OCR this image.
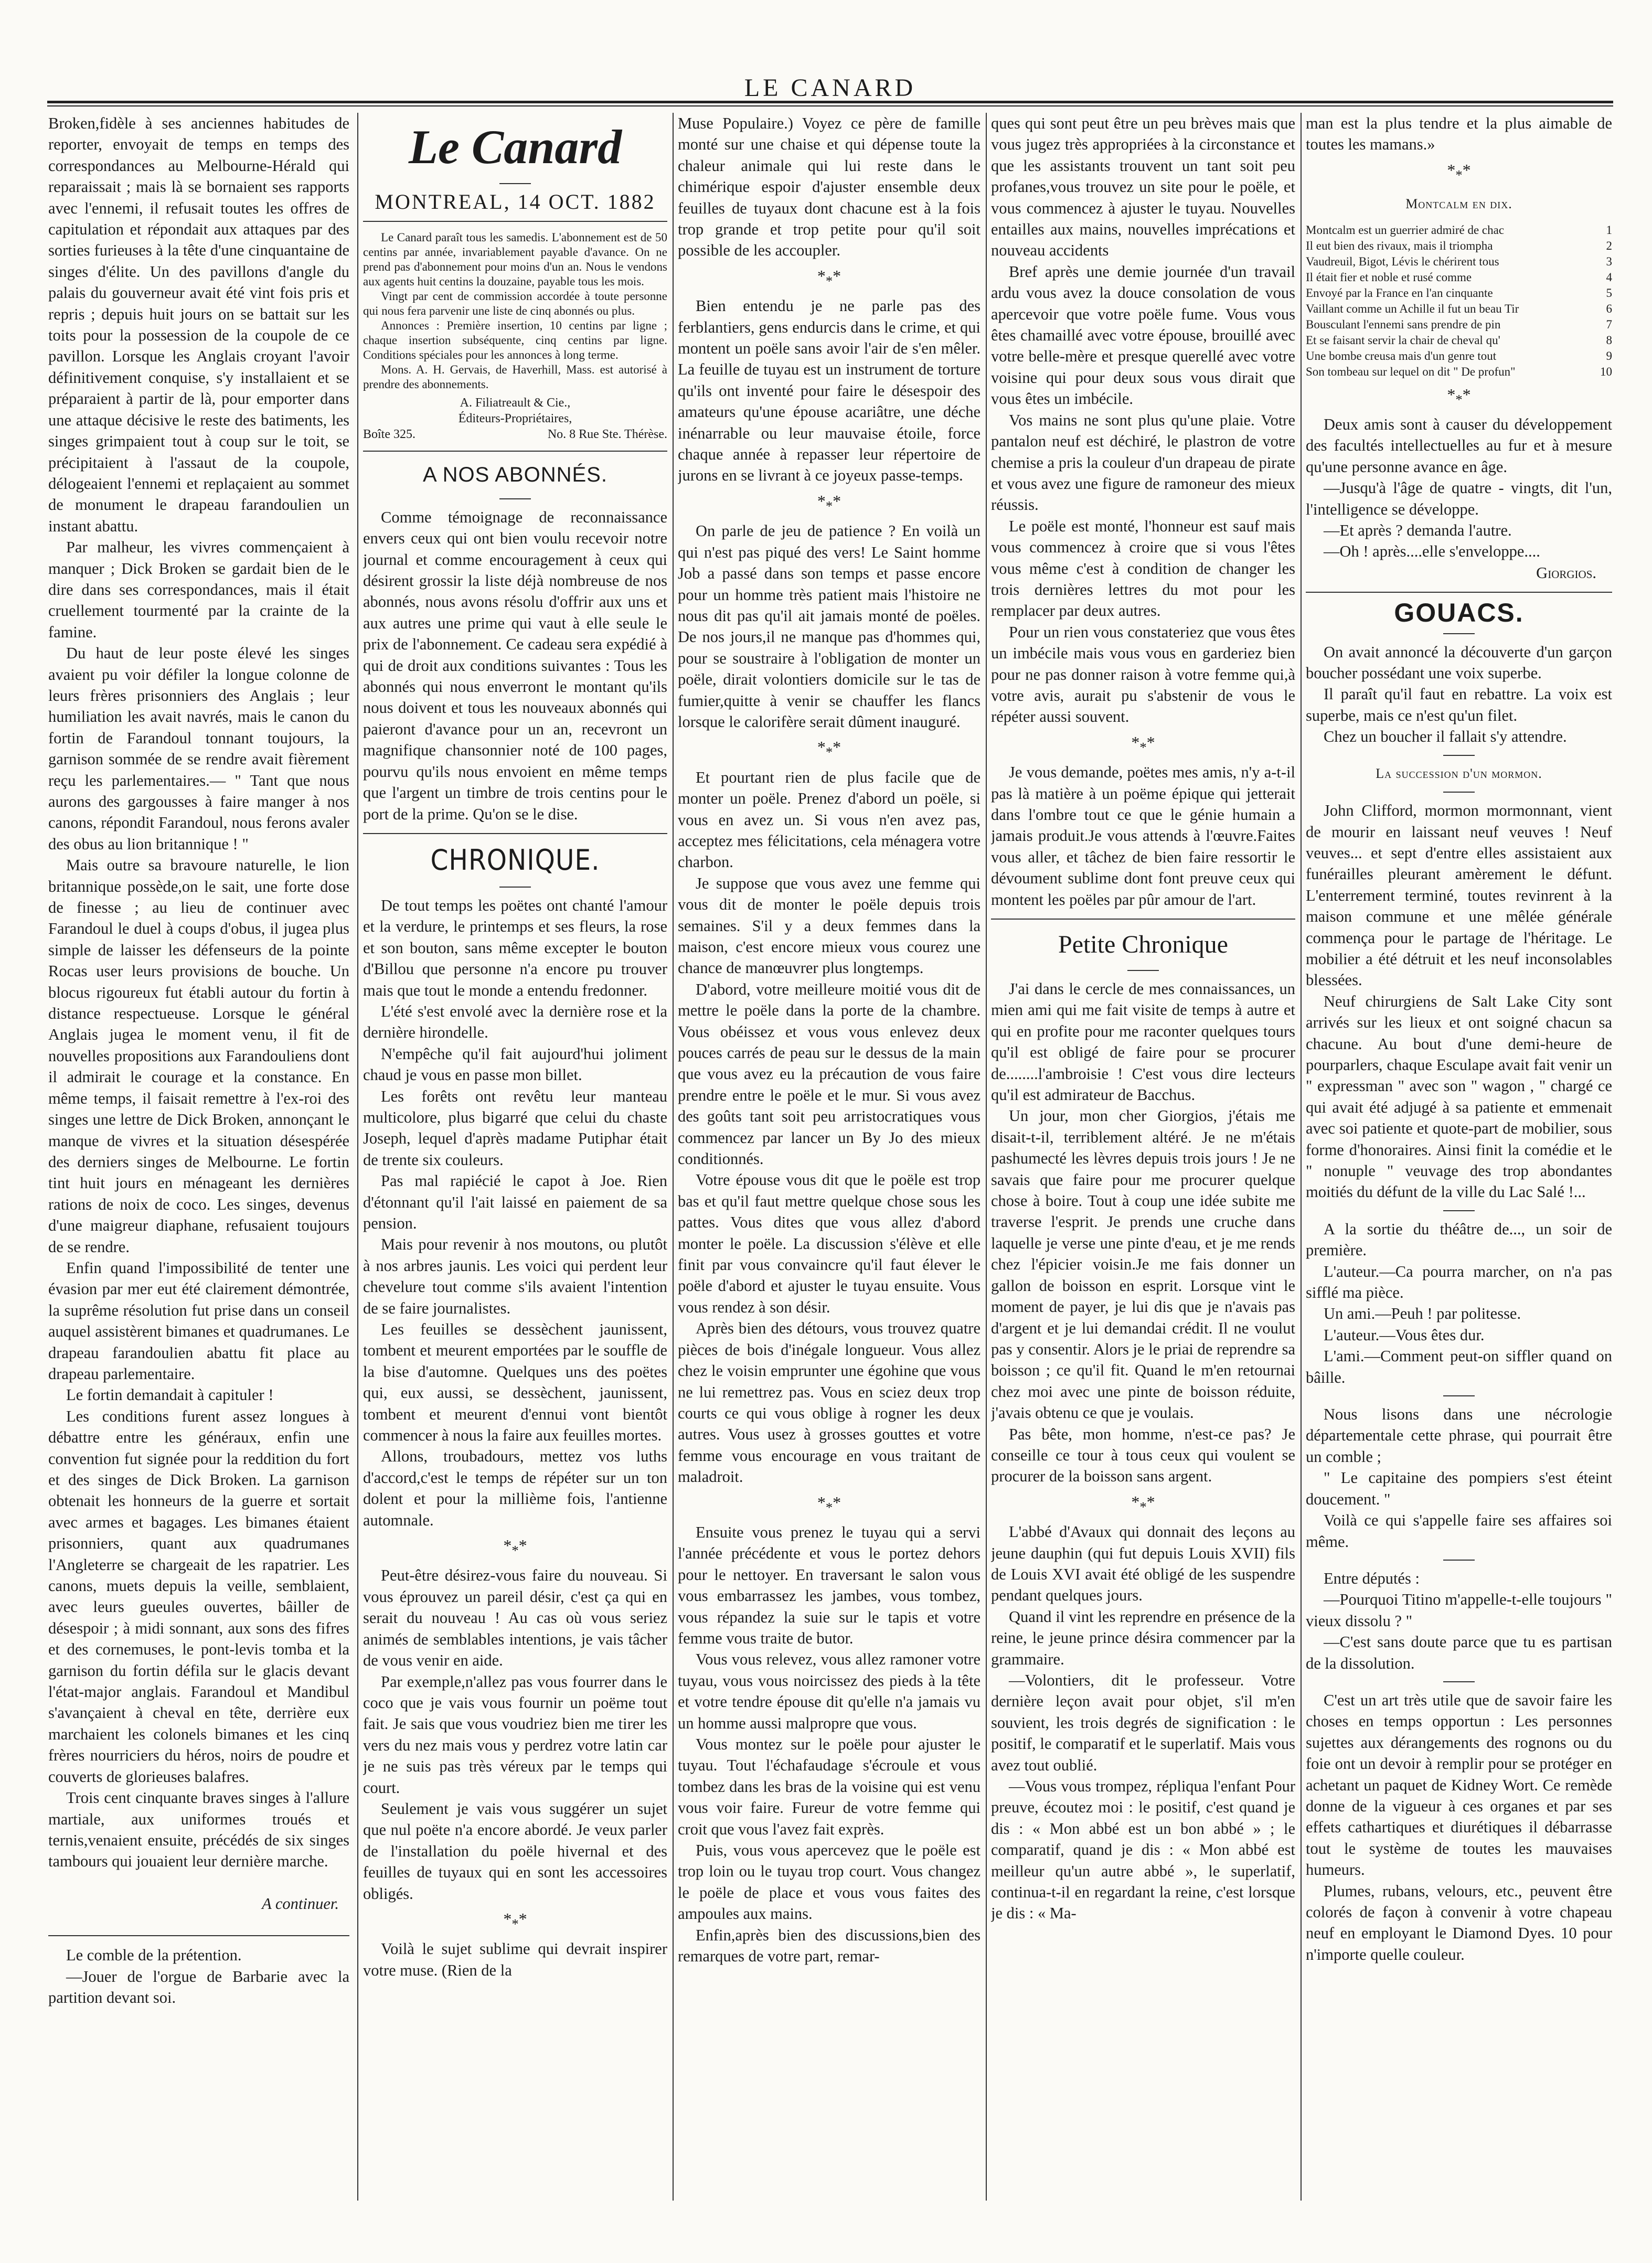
LE CANARD

Broken,fidèle à ses anciennes habitudes de reporter, envoyait de temps en temps des correspondances au Melbourne-Hérald qui reparaissait ; mais là se bornaient ses rapports avec l'ennemi, il refusait toutes les offres de capitulation et répondait aux attaques par des sorties furieuses à la tête d'une cinquantaine de singes d'élite. Un des pavillons d'angle du palais du gouverneur avait été vint fois pris et repris ; depuis huit jours on se battait sur les toits pour la possession de la coupole de ce pavillon. Lorsque les Anglais croyant l'avoir définitivement conquise, s'y installaient et se préparaient à partir de là, pour emporter dans une attaque décisive le reste des batiments, les singes grimpaient tout à coup sur le toit, se précipitaient à l'assaut de la coupole, délogeaient l'ennemi et replaçaient au sommet de monument le drapeau farandoulien un instant abattu.

Par malheur, les vivres commençaient à manquer ; Dick Broken se gardait bien de le dire dans ses correspondances, mais il était cruellement tourmenté par la crainte de la famine.

Du haut de leur poste élevé les singes avaient pu voir défiler la longue colonne de leurs frères prisonniers des Anglais ; leur humiliation les avait navrés, mais le canon du fortin de Farandoul tonnant toujours, la garnison sommée de se rendre avait fièrement reçu les parlementaires.— " Tant que nous aurons des gargousses à faire manger à nos canons, répondit Farandoul, nous ferons avaler des obus au lion britannique ! "

Mais outre sa bravoure naturelle, le lion britannique possède,on le sait, une forte dose de finesse ; au lieu de continuer avec Farandoul le duel à coups d'obus, il jugea plus simple de laisser les défenseurs de la pointe Rocas user leurs provisions de bouche. Un blocus rigoureux fut établi autour du fortin à distance respectueuse. Lorsque le général Anglais jugea le moment venu, il fit de nouvelles propositions aux Farandouliens dont il admirait le courage et la constance. En même temps, il faisait remettre à l'ex-roi des singes une lettre de Dick Broken, annonçant le manque de vivres et la situation désespérée des derniers singes de Melbourne. Le fortin tint huit jours en ménageant les dernières rations de noix de coco. Les singes, devenus d'une maigreur diaphane, refusaient toujours de se rendre.

Enfin quand l'impossibilité de tenter une évasion par mer eut été clairement démontrée, la suprême résolution fut prise dans un conseil auquel assistèrent bimanes et quadrumanes. Le drapeau farandoulien abattu fit place au drapeau parlementaire.

Le fortin demandait à capituler !

Les conditions furent assez longues à débattre entre les généraux, enfin une convention fut signée pour la reddition du fort et des singes de Dick Broken. La garnison obtenait les honneurs de la guerre et sortait avec armes et bagages. Les bimanes étaient prisonniers, quant aux quadrumanes l'Angleterre se chargeait de les rapatrier. Les canons, muets depuis la veille, semblaient, avec leurs gueules ouvertes, bâiller de désespoir ; à midi sonnant, aux sons des fifres et des cornemuses, le pont-levis tomba et la garnison du fortin défila sur le glacis devant l'état-major anglais. Farandoul et Mandibul s'avançaient à cheval en tête, derrière eux marchaient les colonels bimanes et les cinq frères nourriciers du héros, noirs de poudre et couverts de glorieuses balafres.

Trois cent cinquante braves singes à l'allure martiale, aux uniformes troués et ternis,venaient ensuite, précédés de six singes tambours qui jouaient leur dernière marche.

A continuer.

Le comble de la prétention.

—Jouer de l'orgue de Barbarie avec la partition devant soi.

Le Canard
MONTREAL, 14 OCT. 1882

Le Canard paraît tous les samedis. L'abonnement est de 50 centins par année, invariablement payable d'avance. On ne prend pas d'abonnement pour moins d'un an. Nous le vendons aux agents huit centins la douzaine, payable tous les mois.

Vingt par cent de commission accordée à toute personne qui nous fera parvenir une liste de cinq abonnés ou plus.

Annonces : Première insertion, 10 centins par ligne ; chaque insertion subséquente, cinq centins par ligne. Conditions spéciales pour les annonces à long terme.

Mons. A. H. Gervais, de Haverhill, Mass. est autorisé à prendre des abonnements.

A. Filiatreault & Cie.,
Éditeurs-Propriétaires,
Boîte 325.	No. 8 Rue Ste. Thérèse.
A NOS ABONNÉS.

Comme témoignage de reconnaissance envers ceux qui ont bien voulu recevoir notre journal et comme encouragement à ceux qui désirent grossir la liste déjà nombreuse de nos abonnés, nous avons résolu d'offrir aux uns et aux autres une prime qui vaut à elle seule le prix de l'abonnement. Ce cadeau sera expédié à qui de droit aux conditions suivantes : Tous les abonnés qui nous enverront le montant qu'ils nous doivent et tous les nouveaux abonnés qui paieront d'avance pour un an, recevront un magnifique chansonnier noté de 100 pages, pourvu qu'ils nous envoient en même temps que l'argent un timbre de trois centins pour le port de la prime. Qu'on se le dise.

CHRONIQUE.

De tout temps les poëtes ont chanté l'amour et la verdure, le printemps et ses fleurs, la rose et son bouton, sans même excepter le bouton d'Billou que personne n'a encore pu trouver mais que tout le monde a entendu fredonner.

L'été s'est envolé avec la dernière rose et la dernière hirondelle.

N'empêche qu'il fait aujourd'hui joliment chaud je vous en passe mon billet.

Les forêts ont revêtu leur manteau multicolore, plus bigarré que celui du chaste Joseph, lequel d'après madame Putiphar était de trente six couleurs.

Pas mal rapiécié le capot à Joe. Rien d'étonnant qu'il l'ait laissé en paiement de sa pension.

Mais pour revenir à nos moutons, ou plutôt à nos arbres jaunis. Les voici qui perdent leur chevelure tout comme s'ils avaient l'intention de se faire journalistes.

Les feuilles se dessèchent jaunissent, tombent et meurent emportées par le souffle de la bise d'automne. Quelques uns des poëtes qui, eux aussi, se dessèchent, jaunissent, tombent et meurent d'ennui vont bientôt commencer à nous la faire aux feuilles mortes.

Allons, troubadours, mettez vos luths d'accord,c'est le temps de répéter sur un ton dolent et pour la millième fois, l'antienne automnale.

$*_**$

Peut-être désirez-vous faire du nouveau. Si vous éprouvez un pareil désir, c'est ça qui en serait du nouveau ! Au cas où vous seriez animés de semblables intentions, je vais tâcher de vous venir en aide.

Par exemple,n'allez pas vous fourrer dans le coco que je vais vous fournir un poëme tout fait. Je sais que vous voudriez bien me tirer les vers du nez mais vous y perdrez votre latin car je ne suis pas très véreux par le temps qui court.

Seulement je vais vous suggérer un sujet que nul poëte n'a encore abordé. Je veux parler de l'installation du poële hivernal et des feuilles de tuyaux qui en sont les accessoires obligés.

$*_**$

Voilà le sujet sublime qui devrait inspirer votre muse. (Rien de la

Muse Populaire.) Voyez ce père de famille monté sur une chaise et qui dépense toute la chaleur animale qui lui reste dans le chimérique espoir d'ajuster ensemble deux feuilles de tuyaux dont chacune est à la fois trop grande et trop petite pour qu'il soit possible de les accoupler.

$*_**$

Bien entendu je ne parle pas des ferblantiers, gens endurcis dans le crime, et qui montent un poële sans avoir l'air de s'en mêler. La feuille de tuyau est un instrument de torture qu'ils ont inventé pour faire le désespoir des amateurs qu'une épouse acariâtre, une déche inénarrable ou leur mauvaise étoile, force chaque année à repasser leur répertoire de jurons en se livrant à ce joyeux passe-temps.

$*_**$

On parle de jeu de patience ? En voilà un qui n'est pas piqué des vers! Le Saint homme Job a passé dans son temps et passe encore pour un homme très patient mais l'histoire ne nous dit pas qu'il ait jamais monté de poëles. De nos jours,il ne manque pas d'hommes qui, pour se soustraire à l'obligation de monter un poële, dirait volontiers domicile sur le tas de fumier,quitte à venir se chauffer les flancs lorsque le calorifère serait dûment inauguré.

$*_**$

Et pourtant rien de plus facile que de monter un poële. Prenez d'abord un poële, si vous en avez un. Si vous n'en avez pas, acceptez mes félicitations, cela ménagera votre charbon.

Je suppose que vous avez une femme qui vous dit de monter le poële depuis trois semaines. S'il y a deux femmes dans la maison, c'est encore mieux vous courez une chance de manœuvrer plus longtemps.

D'abord, votre meilleure moitié vous dit de mettre le poële dans la porte de la chambre. Vous obéissez et vous vous enlevez deux pouces carrés de peau sur le dessus de la main que vous avez eu la précaution de vous faire prendre entre le poële et le mur. Si vous avez des goûts tant soit peu arristocratiques vous commencez par lancer un By Jo des mieux conditionnés.

Votre épouse vous dit que le poële est trop bas et qu'il faut mettre quelque chose sous les pattes. Vous dites que vous allez d'abord monter le poële. La discussion s'élève et elle finit par vous convaincre qu'il faut élever le poële d'abord et ajuster le tuyau ensuite. Vous vous rendez à son désir.

Après bien des détours, vous trouvez quatre pièces de bois d'inégale longueur. Vous allez chez le voisin emprunter une égohine que vous ne lui remettrez pas. Vous en sciez deux trop courts ce qui vous oblige à rogner les deux autres. Vous usez à grosses gouttes et votre femme vous encourage en vous traitant de maladroit.

$*_**$

Ensuite vous prenez le tuyau qui a servi l'année précédente et vous le portez dehors pour le nettoyer. En traversant le salon vous vous embarrassez les jambes, vous tombez, vous répandez la suie sur le tapis et votre femme vous traite de butor.

Vous vous relevez, vous allez ramoner votre tuyau, vous vous noircissez des pieds à la tête et votre tendre épouse dit qu'elle n'a jamais vu un homme aussi malpropre que vous.

Vous montez sur le poële pour ajuster le tuyau. Tout l'échafaudage s'écroule et vous tombez dans les bras de la voisine qui est venu vous voir faire. Fureur de votre femme qui croit que vous l'avez fait exprès.

Puis, vous vous apercevez que le poële est trop loin ou le tuyau trop court. Vous changez le poële de place et vous vous faites des ampoules aux mains.

Enfin,après bien des discussions,bien des remarques de votre part, remar-

ques qui sont peut être un peu brèves mais que vous jugez très appropriées à la circonstance et que les assistants trouvent un tant soit peu profanes,vous trouvez un site pour le poële, et vous commencez à ajuster le tuyau. Nouvelles entailles aux mains, nouvelles imprécations et nouveau accidents

Bref après une demie journée d'un travail ardu vous avez la douce consolation de vous apercevoir que votre poële fume. Vous vous êtes chamaillé avec votre épouse, brouillé avec votre belle-mère et presque querellé avec votre voisine qui pour deux sous vous dirait que vous êtes un imbécile.

Vos mains ne sont plus qu'une plaie. Votre pantalon neuf est déchiré, le plastron de votre chemise a pris la couleur d'un drapeau de pirate et vous avez une figure de ramoneur des mieux réussis.

Le poële est monté, l'honneur est sauf mais vous commencez à croire que si vous l'êtes vous même c'est à condition de changer les trois dernières lettres du mot pour les remplacer par deux autres.

Pour un rien vous constateriez que vous êtes un imbécile mais vous vous en garderiez bien pour ne pas donner raison à votre femme qui,à votre avis, aurait pu s'abstenir de vous le répéter aussi souvent.

$*_**$

Je vous demande, poëtes mes amis, n'y a-t-il pas là matière à un poëme épique qui jetterait dans l'ombre tout ce que le génie humain a jamais produit.Je vous attends à l'œuvre.Faites vous aller, et tâchez de bien faire ressortir le dévoument sublime dont font preuve ceux qui montent les poëles par pûr amour de l'art.

Petite Chronique

J'ai dans le cercle de mes connaissances, un mien ami qui me fait visite de temps à autre et qui en profite pour me raconter quelques tours qu'il est obligé de faire pour se procurer de........l'ambroisie ! C'est vous dire lecteurs qu'il est admirateur de Bacchus.

Un jour, mon cher Giorgios, j'étais me disait-t-il, terriblement altéré. Je ne m'étais pashumecté les lèvres depuis trois jours ! Je ne savais que faire pour me procurer quelque chose à boire. Tout à coup une idée subite me traverse l'esprit. Je prends une cruche dans laquelle je verse une pinte d'eau, et je me rends chez l'épicier voisin.Je me fais donner un gallon de boisson en esprit. Lorsque vint le moment de payer, je lui dis que je n'avais pas d'argent et je lui demandai crédit. Il ne voulut pas y consentir. Alors je le priai de reprendre sa boisson ; ce qu'il fit. Quand le m'en retournai chez moi avec une pinte de boisson réduite, j'avais obtenu ce que je voulais.

Pas bête, mon homme, n'est-ce pas? Je conseille ce tour à tous ceux qui voulent se procurer de la boisson sans argent.

$*_**$

L'abbé d'Avaux qui donnait des leçons au jeune dauphin (qui fut depuis Louis XVII) fils de Louis XVI avait été obligé de les suspendre pendant quelques jours.

Quand il vint les reprendre en présence de la reine, le jeune prince désira commencer par la grammaire.

—Volontiers, dit le professeur. Votre dernière leçon avait pour objet, s'il m'en souvient, les trois degrés de signification : le positif, le comparatif et le superlatif. Mais vous avez tout oublié.

—Vous vous trompez, répliqua l'enfant Pour preuve, écoutez moi : le positif, c'est quand je dis : « Mon abbé est un bon abbé » ; le comparatif, quand je dis : « Mon abbé est meilleur qu'un autre abbé », le superlatif, continua-t-il en regardant la reine, c'est lorsque je dis : « Ma-

man est la plus tendre et la plus aimable de toutes les mamans.»

$*_**$
Montcalm en dix.
Montcalm est un guerrier admiré de chac	1
Il eut bien des rivaux, mais il triompha	2
Vaudreuil, Bigot, Lévis le chérirent tous	3
Il était fier et noble et rusé comme	4
Envoyé par la France en l'an cinquante	5
Vaillant comme un Achille il fut un beau Tir	6
Bousculant l'ennemi sans prendre de pin	7
Et se faisant servir la chair de cheval qu'	8
Une bombe creusa mais d'un genre tout	9
Son tombeau sur lequel on dit " De profun"	10
$*_**$

Deux amis sont à causer du développement des facultés intellectuelles au fur et à mesure qu'une personne avance en âge.

—Jusqu'à l'âge de quatre - vingts, dit l'un, l'intelligence se développe.

—Et après ? demanda l'autre.

—Oh ! après....elle s'enveloppe....

Giorgios.
GOUACS.

On avait annoncé la découverte d'un garçon boucher possédant une voix superbe.

Il paraît qu'il faut en rebattre. La voix est superbe, mais ce n'est qu'un filet.

Chez un boucher il fallait s'y attendre.

La succession d'un mormon.

John Clifford, mormon mormonnant, vient de mourir en laissant neuf veuves ! Neuf veuves... et sept d'entre elles assistaient aux funérailles pleurant amèrement le défunt. L'enterrement terminé, toutes revinrent à la maison commune et une mêlée générale commença pour le partage de l'héritage. Le mobilier a été détruit et les neuf inconsolables blessées.

Neuf chirurgiens de Salt Lake City sont arrivés sur les lieux et ont soigné chacun sa chacune. Au bout d'une demi-heure de pourparlers, chaque Esculape avait fait venir un " expressman " avec son " wagon , " chargé ce qui avait été adjugé à sa patiente et emmenait avec soi patiente et quote-part de mobilier, sous forme d'honoraires. Ainsi finit la comédie et le " nonuple " veuvage des trop abondantes moitiés du défunt de la ville du Lac Salé !...

A la sortie du théâtre de..., un soir de première.

L'auteur.—Ca pourra marcher, on n'a pas sifflé ma pièce.

Un ami.—Peuh ! par politesse.

L'auteur.—Vous êtes dur.

L'ami.—Comment peut-on siffler quand on bâille.

Nous lisons dans une nécrologie départementale cette phrase, qui pourrait être un comble ;

" Le capitaine des pompiers s'est éteint doucement. "

Voilà ce qui s'appelle faire ses affaires soi même.

Entre députés :

—Pourquoi Titino m'appelle-t-elle toujours " vieux dissolu ? "

—C'est sans doute parce que tu es partisan de la dissolution.

C'est un art très utile que de savoir faire les choses en temps opportun : Les personnes sujettes aux dérangements des rognons ou du foie ont un devoir à remplir pour se protéger en achetant un paquet de Kidney Wort. Ce remède donne de la vigueur à ces organes et par ses effets cathartiques et diurétiques il débarrasse tout le système de toutes les mauvaises humeurs.

Plumes, rubans, velours, etc., peuvent être colorés de façon à convenir à votre chapeau neuf en employant le Diamond Dyes. 10 pour n'importe quelle couleur.
